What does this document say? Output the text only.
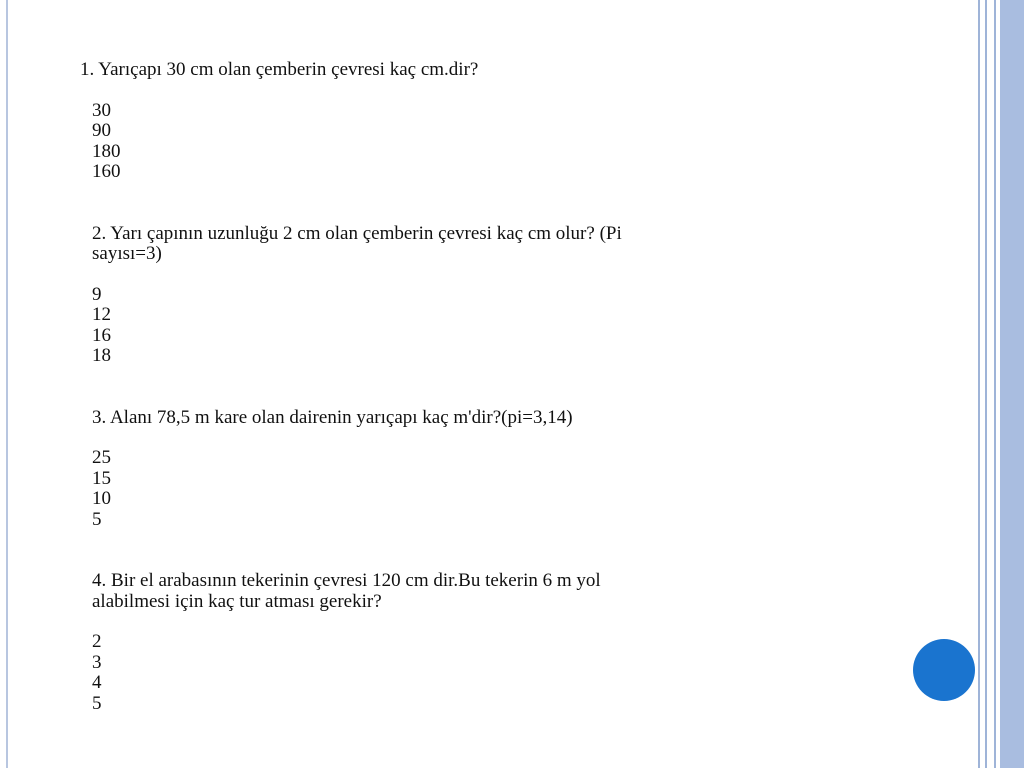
1. Yarıçapı 30 cm olan çemberin çevresi kaç cm.dir?
30
90
180
160
2. Yarı çapının uzunluğu 2 cm olan çemberin çevresi kaç cm olur? (Pi
sayısı=3)
9
12
16
18
3. Alanı 78,5 m kare olan dairenin yarıçapı kaç m'dir?(pi=3,14)
25
15
10
5
4. Bir el arabasının tekerinin çevresi 120 cm dir.Bu tekerin 6 m yol
alabilmesi için kaç tur atması gerekir?
2
3
4
5
